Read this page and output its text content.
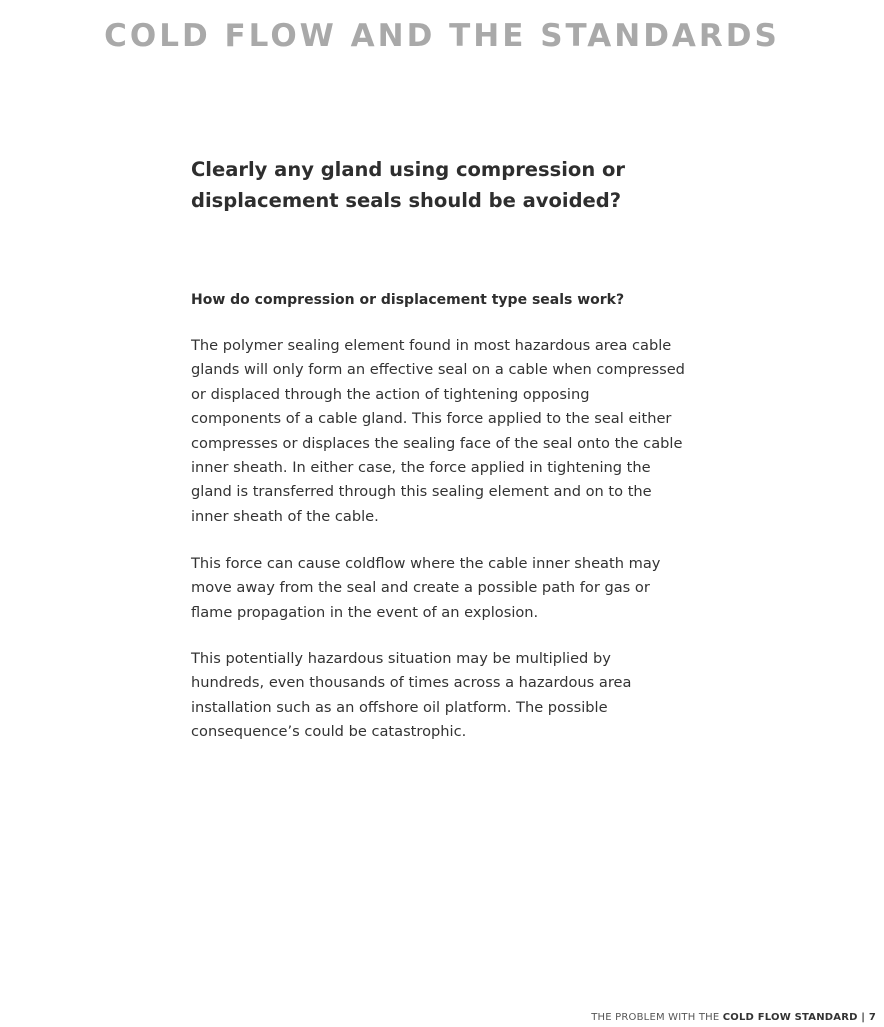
COLD FLOW AND THE STANDARDS
Clearly any gland using compression or
displacement seals should be avoided?
How do compression or displacement type seals work?

The polymer sealing element found in most hazardous area cable
glands will only form an effective seal on a cable when compressed
or displaced through the action of tightening opposing
components of a cable gland. This force applied to the seal either
compresses or displaces the sealing face of the seal onto the cable
inner sheath. In either case, the force applied in tightening the
gland is transferred through this sealing element and on to the
inner sheath of the cable.

This force can cause coldflow where the cable inner sheath may
move away from the seal and create a possible path for gas or
flame propagation in the event of an explosion.

This potentially hazardous situation may be multiplied by
hundreds, even thousands of times across a hazardous area
installation such as an offshore oil platform. The possible
consequence’s could be catastrophic.

THE PROBLEM WITH THE COLD FLOW STANDARD | 7
